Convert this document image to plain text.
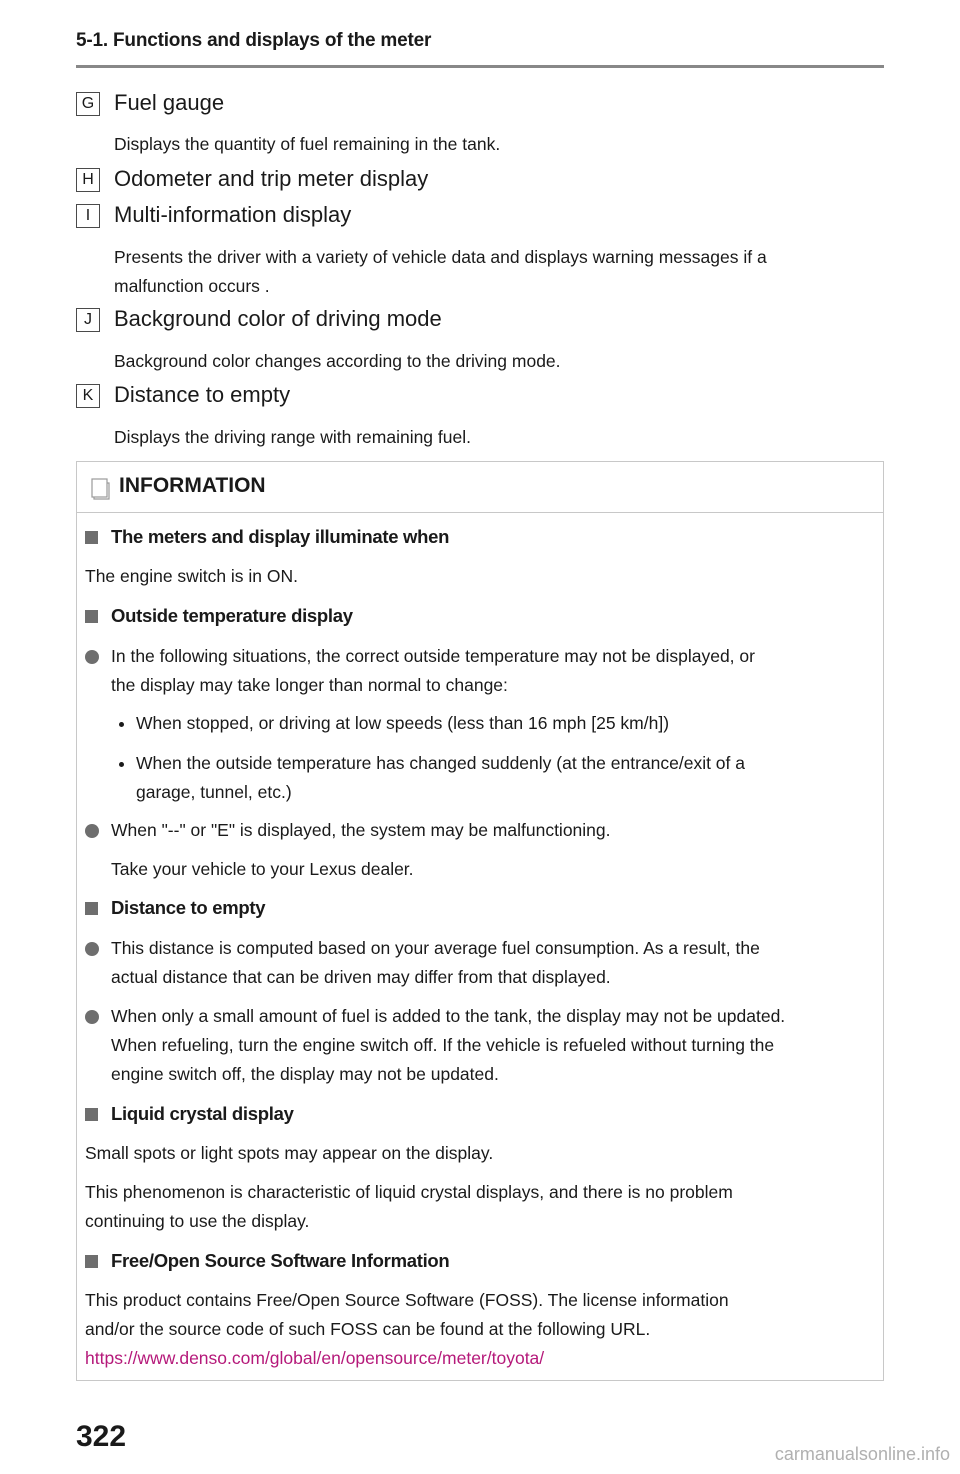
5-1. Functions and displays of the meter
G Fuel gauge
Displays the quantity of fuel remaining in the tank.
H Odometer and trip meter display
I	Multi-information display
Presents the driver with a variety of vehicle data and displays warning messages if a
malfunction occurs .
J	Background color of driving mode
Background color changes according to the driving mode.
K Distance to empty
Displays the driving range with remaining fuel.
INFORMATION
The meters and display illuminate when
The engine switch is in ON.
Outside temperature display
In the following situations, the correct outside temperature may not be displayed, or
the display may take longer than normal to change:
When stopped, or driving at low speeds (less than 16 mph [25 km/h])
When the outside temperature has changed suddenly (at the entrance/exit of a
garage, tunnel, etc.)
When "--" or "E" is displayed, the system may be malfunctioning.
Take your vehicle to your Lexus dealer.
Distance to empty
This distance is computed based on your average fuel consumption. As a result, the
actual distance that can be driven may differ from that displayed.
When only a small amount of fuel is added to the tank, the display may not be updated.
When refueling, turn the engine switch off. If the vehicle is refueled without turning the
engine switch off, the display may not be updated.
Liquid crystal display
Small spots or light spots may appear on the display.
This phenomenon is characteristic of liquid crystal displays, and there is no problem
continuing to use the display.
Free/Open Source Software Information
This product contains Free/Open Source Software (FOSS). The license information
and/or the source code of such FOSS can be found at the following URL.
https://www.denso.com/global/en/opensource/meter/toyota/
322
carmanualsonline.info
